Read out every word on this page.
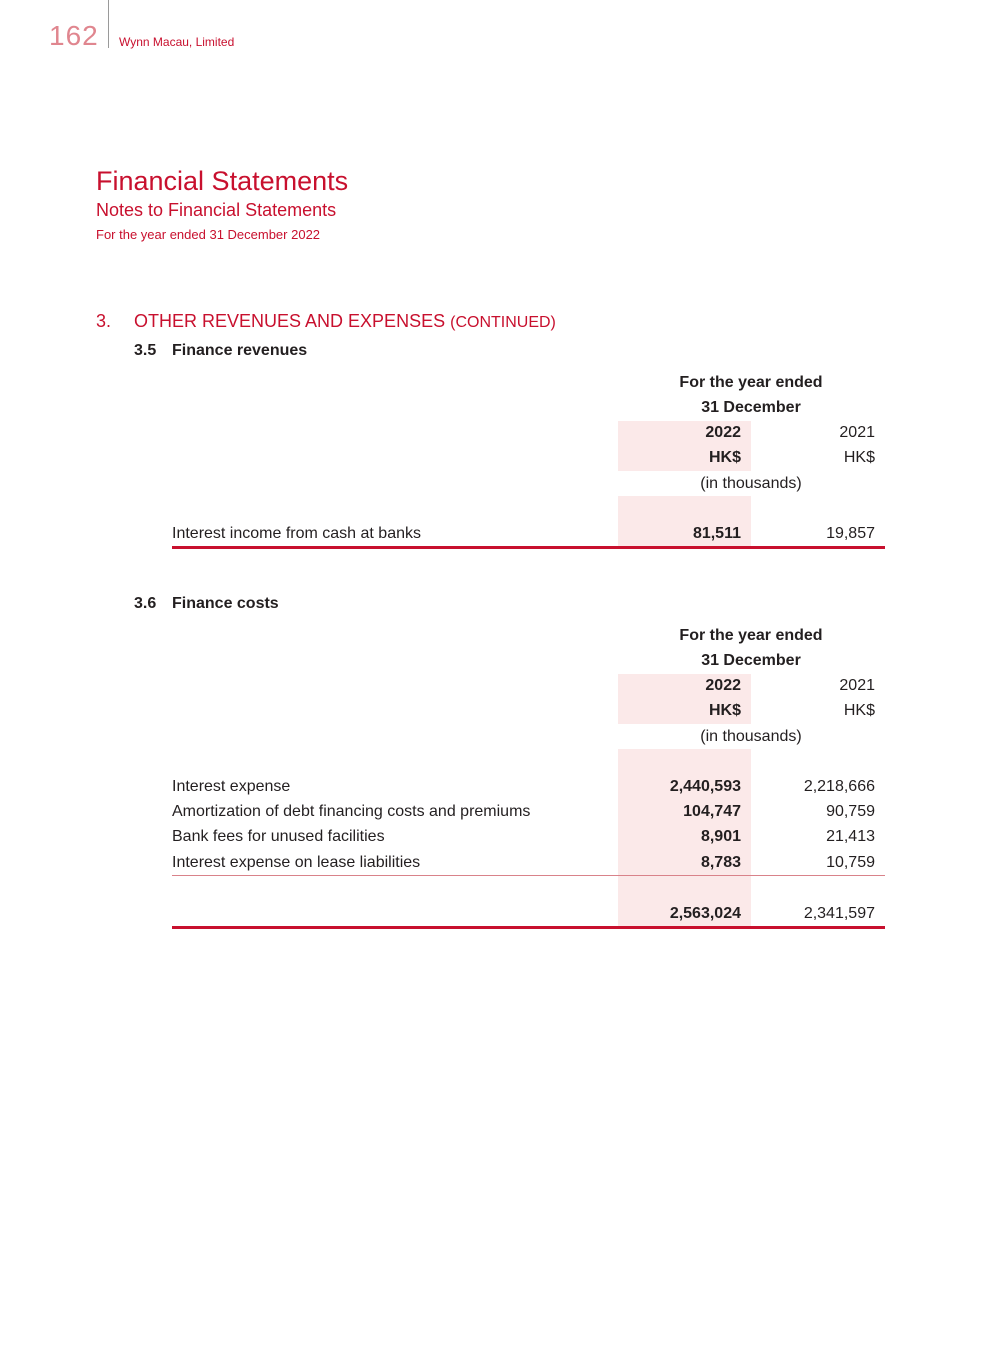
162 Wynn Macau, Limited
Financial Statements
Notes to Financial Statements
For the year ended 31 December 2022
3. OTHER REVENUES AND EXPENSES (CONTINUED)
3.5 Finance revenues
For the year ended
31 December
2022	2021
HK$	HK$
(in thousands)
Interest income from cash at banks	81,511	19,857
3.6 Finance costs
For the year ended
31 December
2022	2021
HK$	HK$
(in thousands)
Interest expense	2,440,593	2,218,666
Amortization of debt financing costs and premiums	104,747	90,759
Bank fees for unused facilities	8,901	21,413
Interest expense on lease liabilities	8,783	10,759
2,563,024	2,341,597
